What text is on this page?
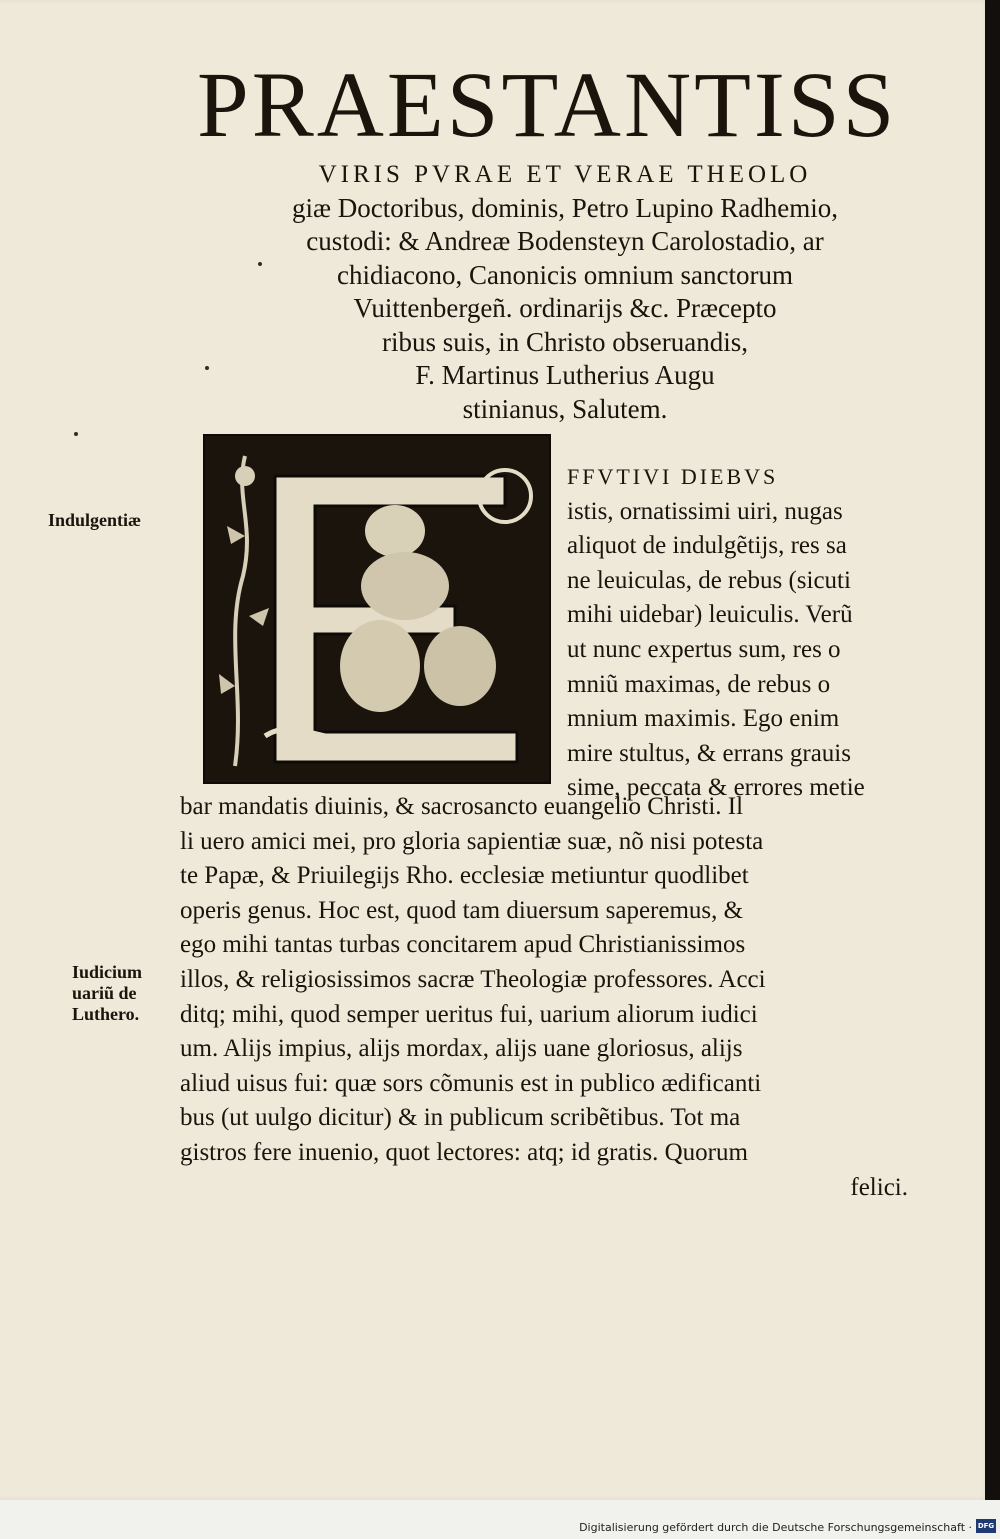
PRAESTANTISS
VIRIS PVRAE ET VERAE THEOLO
giæ Doctoribus, dominis, Petro Lupino Radhemio,
custodi: & Andreæ Bodensteyn Carolostadio, ar
chidiacono, Canonicis omnium sanctorum
Vuittenbergeñ. ordinarijs &c. Præcepto
ribus suis, in Christo obseruandis,
F. Martinus Lutherius Augu
stinianus, Salutem.
FFVTIVI DIEBVS
istis, ornatissimi uiri, nugas
aliquot de indulgẽtijs, res sa
ne leuiculas, de rebus (sicuti
mihi uidebar) leuiculis. Verũ
ut nunc expertus sum, res o
mniũ maximas, de rebus o
mnium maximis. Ego enim
mire stultus, & errans grauis
sime, peccata & errores metie
bar mandatis diuinis, & sacrosancto euangelio Christi. Il
li uero amici mei, pro gloria sapientiæ suæ, nõ nisi potesta
te Papæ, & Priuilegijs Rho. ecclesiæ metiuntur quodlibet
operis genus. Hoc est, quod tam diuersum saperemus, &
ego mihi tantas turbas concitarem apud Christianissimos
illos, & religiosissimos sacræ Theologiæ professores. Acci
ditq; mihi, quod semper ueritus fui, uarium aliorum iudici
um. Alijs impius, alijs mordax, alijs uane gloriosus, alijs
aliud uisus fui: quæ sors cõmunis est in publico ædificanti
bus (ut uulgo dicitur) & in publicum scribẽtibus. Tot ma
gistros fere inuenio, quot lectores: atq; id gratis. Quorum
felici.
Indulgentiæ
Iudicium
uariũ de
Luthero.
Digitalisierung gefördert durch die Deutsche Forschungsgemeinschaft · DFG
